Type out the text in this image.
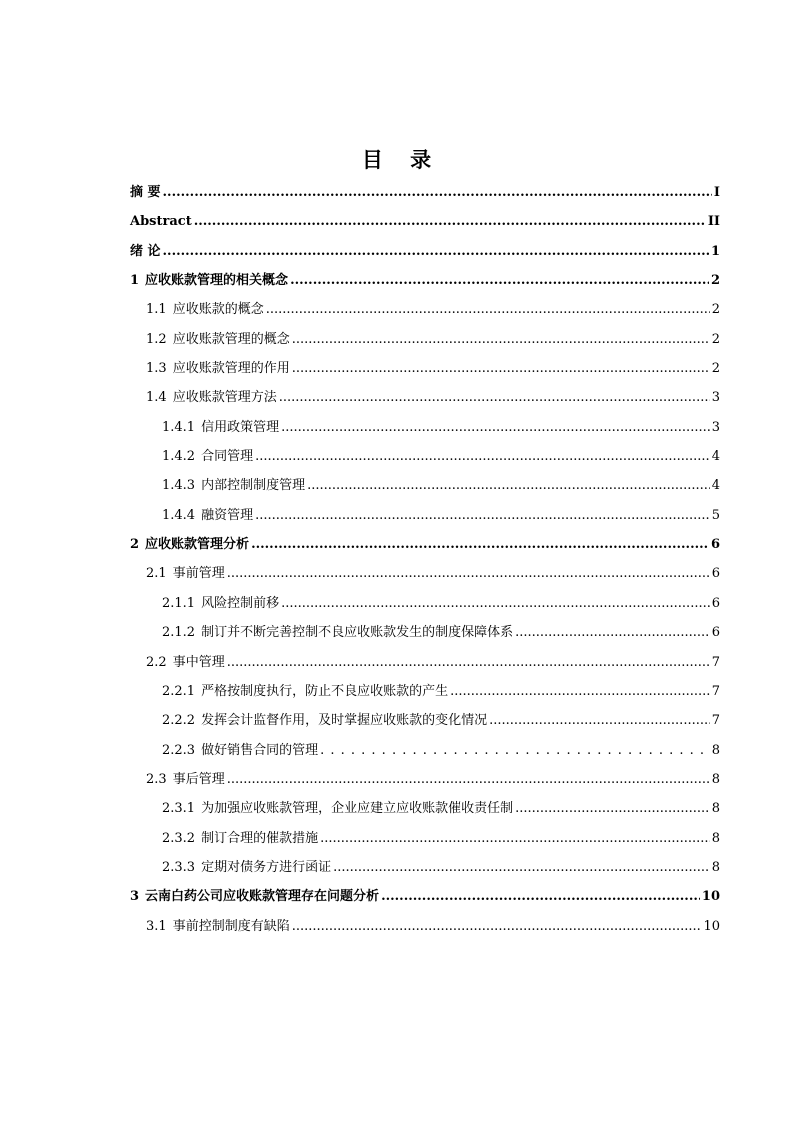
目 录
摘 要 .....	I
Abstract .....	II
绪 论 .....	1
1 应收账款管理的相关概念 .....	2
1.1 应收账款的概念 .....	2
1.2 应收账款管理的概念 .....	2
1.3 应收账款管理的作用 .....	2
1.4 应收账款管理方法 .....	3
1.4.1 信用政策管理 .....	3
1.4.2 合同管理 .....	4
1.4.3 内部控制制度管理 .....	4
1.4.4 融资管理 .....	5
2 应收账款管理分析 .....	6
2.1 事前管理 .....	6
2.1.1 风险控制前移 .....	6
2.1.2 制订并不断完善控制不良应收账款发生的制度保障体系 .....	6
2.2 事中管理 .....	7
2.2.1 严格按制度执行，防止不良应收账款的产生 .....	7
2.2.2 发挥会计监督作用，及时掌握应收账款的变化情况 .....	7
2.2.3 做好销售合同的管理 . . .	8
2.3 事后管理 .....	8
2.3.1 为加强应收账款管理，企业应建立应收账款催收责任制 .....	8
2.3.2 制订合理的催款措施 .....	8
2.3.3 定期对债务方进行函证 .....	8
3 云南白药公司应收账款管理存在问题分析 .....	10
3.1 事前控制制度有缺陷 .....	10
